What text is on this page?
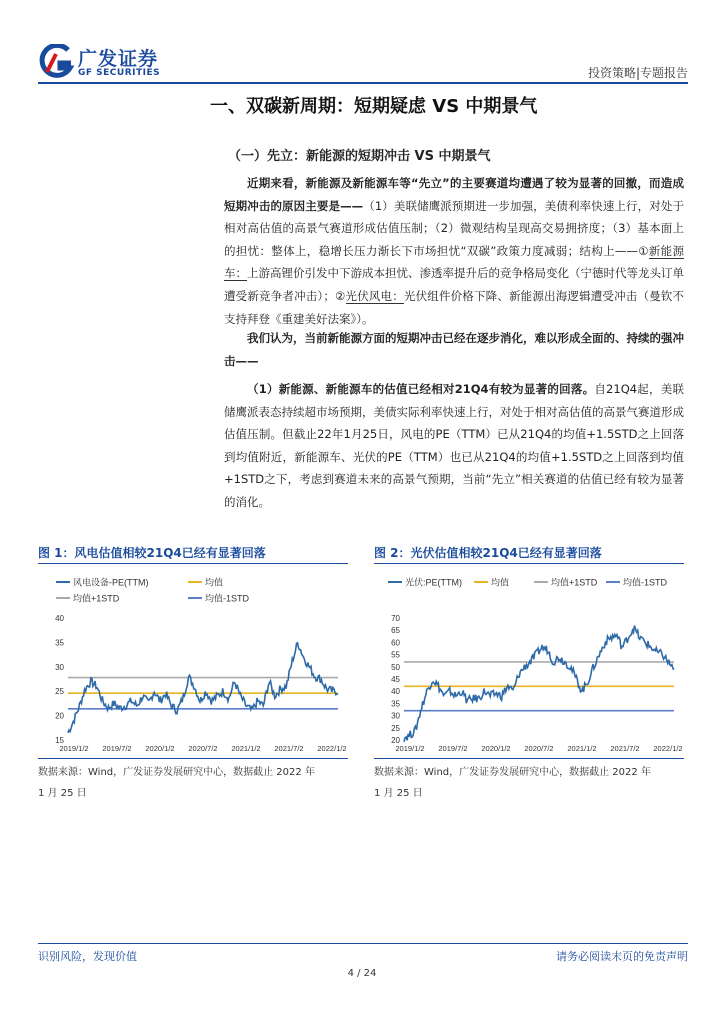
广发证券
GF SECURITIES	投资策略|专题报告
一、双碳新周期：短期疑虑 VS 中期景气
（一）先立：新能源的短期冲击 VS 中期景气
近期来看，新能源及新能源车等“先立”的主要赛道均遭遇了较为显著的回撤，而造成短期冲击的原因主要是——（1）美联储鹰派预期进一步加强，美债利率快速上行，对处于相对高估值的高景气赛道形成估值压制；（2）微观结构呈现高交易拥挤度；（3）基本面上的担忧：整体上，稳增长压力渐长下市场担忧“双碳”政策力度减弱；结构上——①新能源车：上游高锂价引发中下游成本担忧、渗透率提升后的竞争格局变化（宁德时代等龙头订单遭受新竞争者冲击）；②光伏风电：光伏组件价格下降、新能源出海逻辑遭受冲击（曼钦不支持拜登《重建美好法案》）。
我们认为，当前新能源方面的短期冲击已经在逐步消化，难以形成全面的、持续的强冲击——
（1）新能源、新能源车的估值已经相对21Q4有较为显著的回落。自21Q4起，美联储鹰派表态持续超市场预期，美债实际利率快速上行，对处于相对高估值的高景气赛道形成估值压制。但截止22年1月25日，风电的PE（TTM）已从21Q4的均值+1.5STD之上回落到均值附近，新能源车、光伏的PE（TTM）也已从21Q4的均值+1.5STD之上回落到均值+1STD之下，考虑到赛道未来的高景气预期，当前“先立”相关赛道的估值已经有较为显著的消化。
图 1：风电估值相较21Q4已经有显著回落
风电设备-PE(TTM)	均值
均值+1STD	均值-1STD
15
20
25
30
35
40
2019/1/2 2019/7/2 2020/1/2 2020/7/2 2021/1/2 2021/7/2 2022/1/2
数据来源：Wind，广发证券发展研究中心，数据截止 2022 年
1 月 25 日
图 2：光伏估值相较21Q4已经有显著回落
光伏:PE(TTM)	均值	均值+1STD	均值-1STD
20
25
30
35
40
45
50
55
60
65
70
2019/1/2 2019/7/2 2020/1/2 2020/7/2 2021/1/2 2021/7/2 2022/1/2
数据来源：Wind，广发证券发展研究中心，数据截止 2022 年
1 月 25 日
识别风险，发现价值	请务必阅读末页的免责声明
4 / 24
